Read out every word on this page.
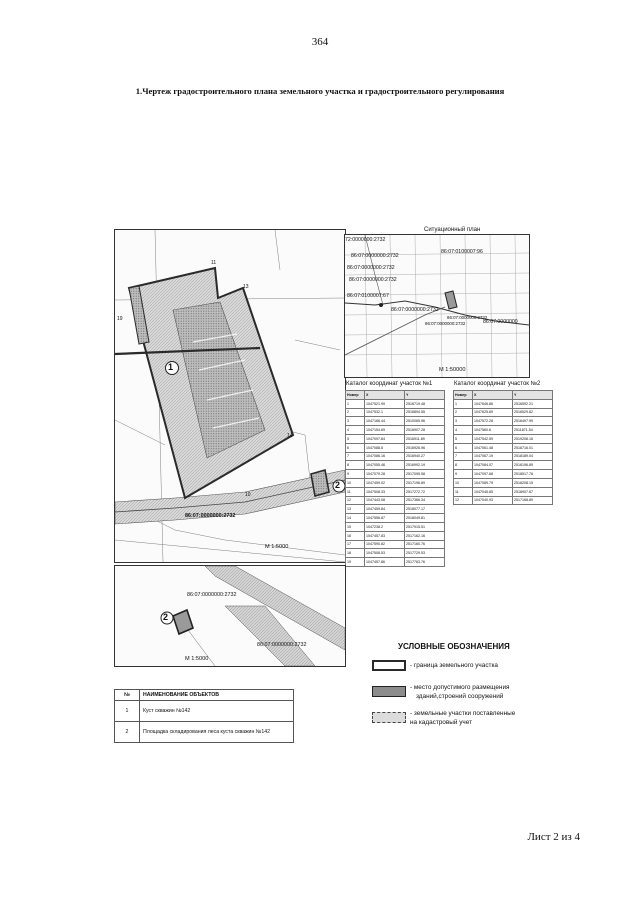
364
1.Чертеж градостроительного плана земельного участка и градостроительного регулирования
1
2
11
13
14
10
19
86:07:0000000:2732
М 1:5000
Ситуационный план
72:0000000:2732
86:07:0000000:2732
86:07:0000000:2732
86:07:0000000:2732
86:07:0100007:67
86:07:0100007:96
86:07:0000000:2732
86:07:0000000:2732
86:07:0000000:2732	86:07:0000000
М 1:50000
Каталог координат участок №1
Номер	X	Y
1	1047521.99	2516719.48
2	1047532.1	2516894.55
3	1047166.44	2510065.96
4	1047154.69	2516907.28
5	1047097.84	2516911.89
6	1047088.8	2516926.96
7	1047086.16	2516940.27
8	1047055.46	2516992.19
9	1047079.28	2517095.58
10	1047459.02	2517196.89
11	1047508.33	2517272.72
12	1047443.08	2517366.34
13	1047459.84	2518077.17
14	1047556.87	2518049.81
15	1047238.2	2517915.51
16	1047457.83	2517162.16
17	1047590.82	2517160.76
18	1047508.53	2517729.53
19	1047457.86	2517763.76
Каталог координат участок №2
Номер	X	Y
1	1047646.86	2516592.21
2	1047625.69	2516529.62
3	1047572.28	2516497.99
4	1047560.6	2511871.54
5	1047542.59	2519208.16
6	1047061.48	2518716.01
7	1047067.19	2518189.04
8	1047084.07	2516196.89
9	1047097.68	2518517.76
10	1047089.79	2518208.15
11	1047045.65	2518907.67
12	1047040.93	2517168.89
2
86:07:0000000:2732
86:07:0000000:2732
М 1:5000
УСЛОВНЫЕ ОБОЗНАЧЕНИЯ
- граница земельного участка
- место допустимого размещения
зданий,строений сооружений
- земельные участки поставленные
на кадастровый учет
№	НАИМЕНОВАНИЕ ОБЪЕКТОВ
1	Куст скважин №142
2	Площадка складирования леса куста скважин №142
Лист 2 из 4
